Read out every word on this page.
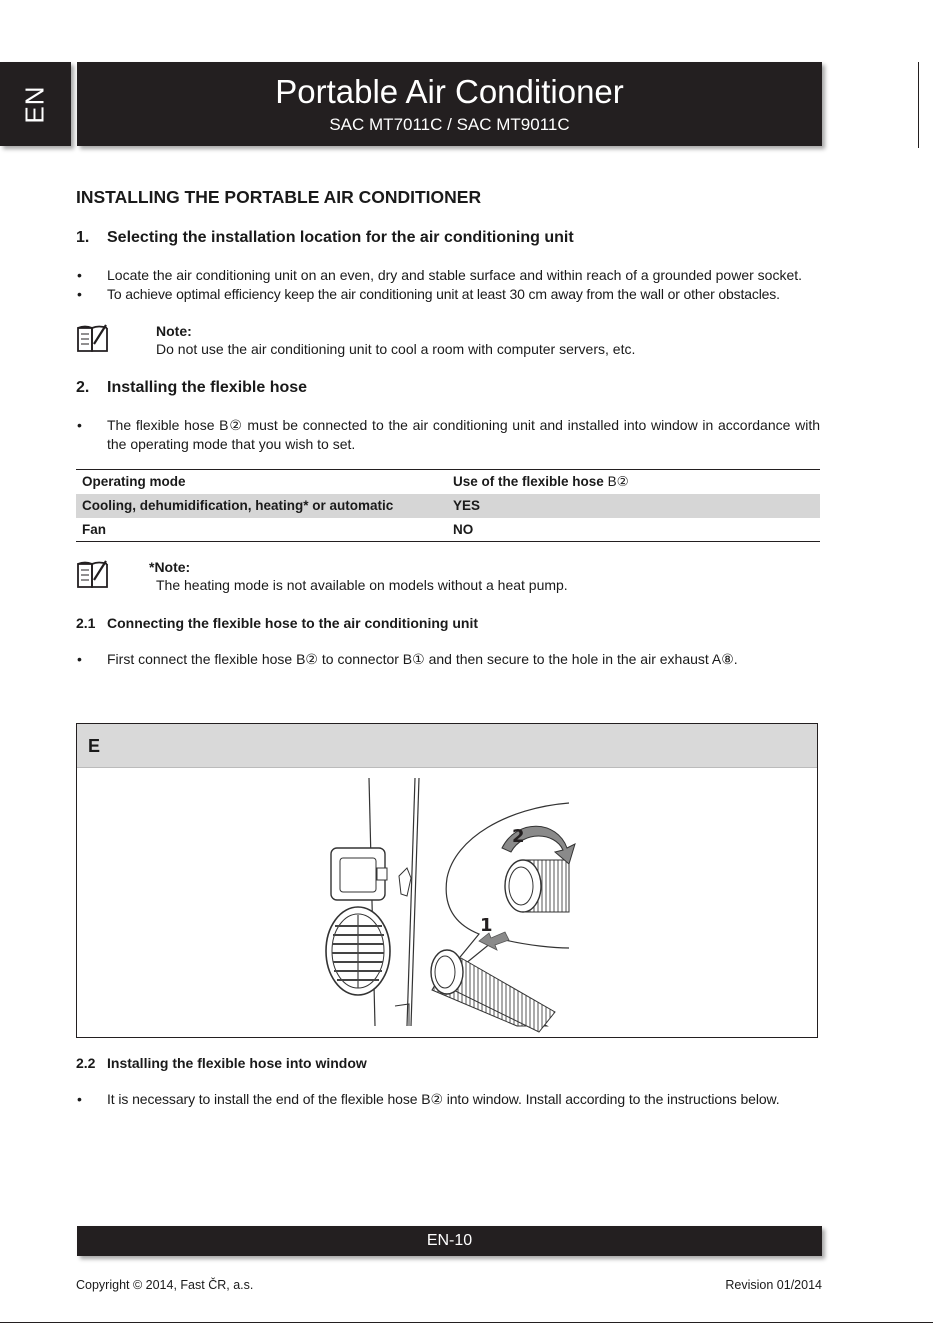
EN	Portable Air Conditioner
SAC MT7011C / SAC MT9011C
INSTALLING THE PORTABLE AIR CONDITIONER
1.	Selecting the installation location for the air conditioning unit
•	Locate the air conditioning unit on an even, dry and stable surface and within reach of a grounded power socket.
•	To achieve optimal efficiency keep the air conditioning unit at least 30 cm away from the wall or other obstacles.
Note:
Do not use the air conditioning unit to cool a room with computer servers, etc.
2.	Installing the flexible hose
•	The flexible hose B② must be connected to the air conditioning unit and installed into window in accordance with the operating mode that you wish to set.
Operating mode	Use of the flexible hose B②
Cooling, dehumidification, heating* or automatic	YES
Fan	NO
*Note:
The heating mode is not available on models without a heat pump.
2.1 Connecting the flexible hose to the air conditioning unit
•	First connect the flexible hose B② to connector B① and then secure to the hole in the air exhaust A⑧.
E
2
1
2.2 Installing the flexible hose into window
•	It is necessary to install the end of the flexible hose B② into window. Install according to the instructions below.
EN-10
Copyright © 2014, Fast ČR, a.s.	Revision 01/2014
